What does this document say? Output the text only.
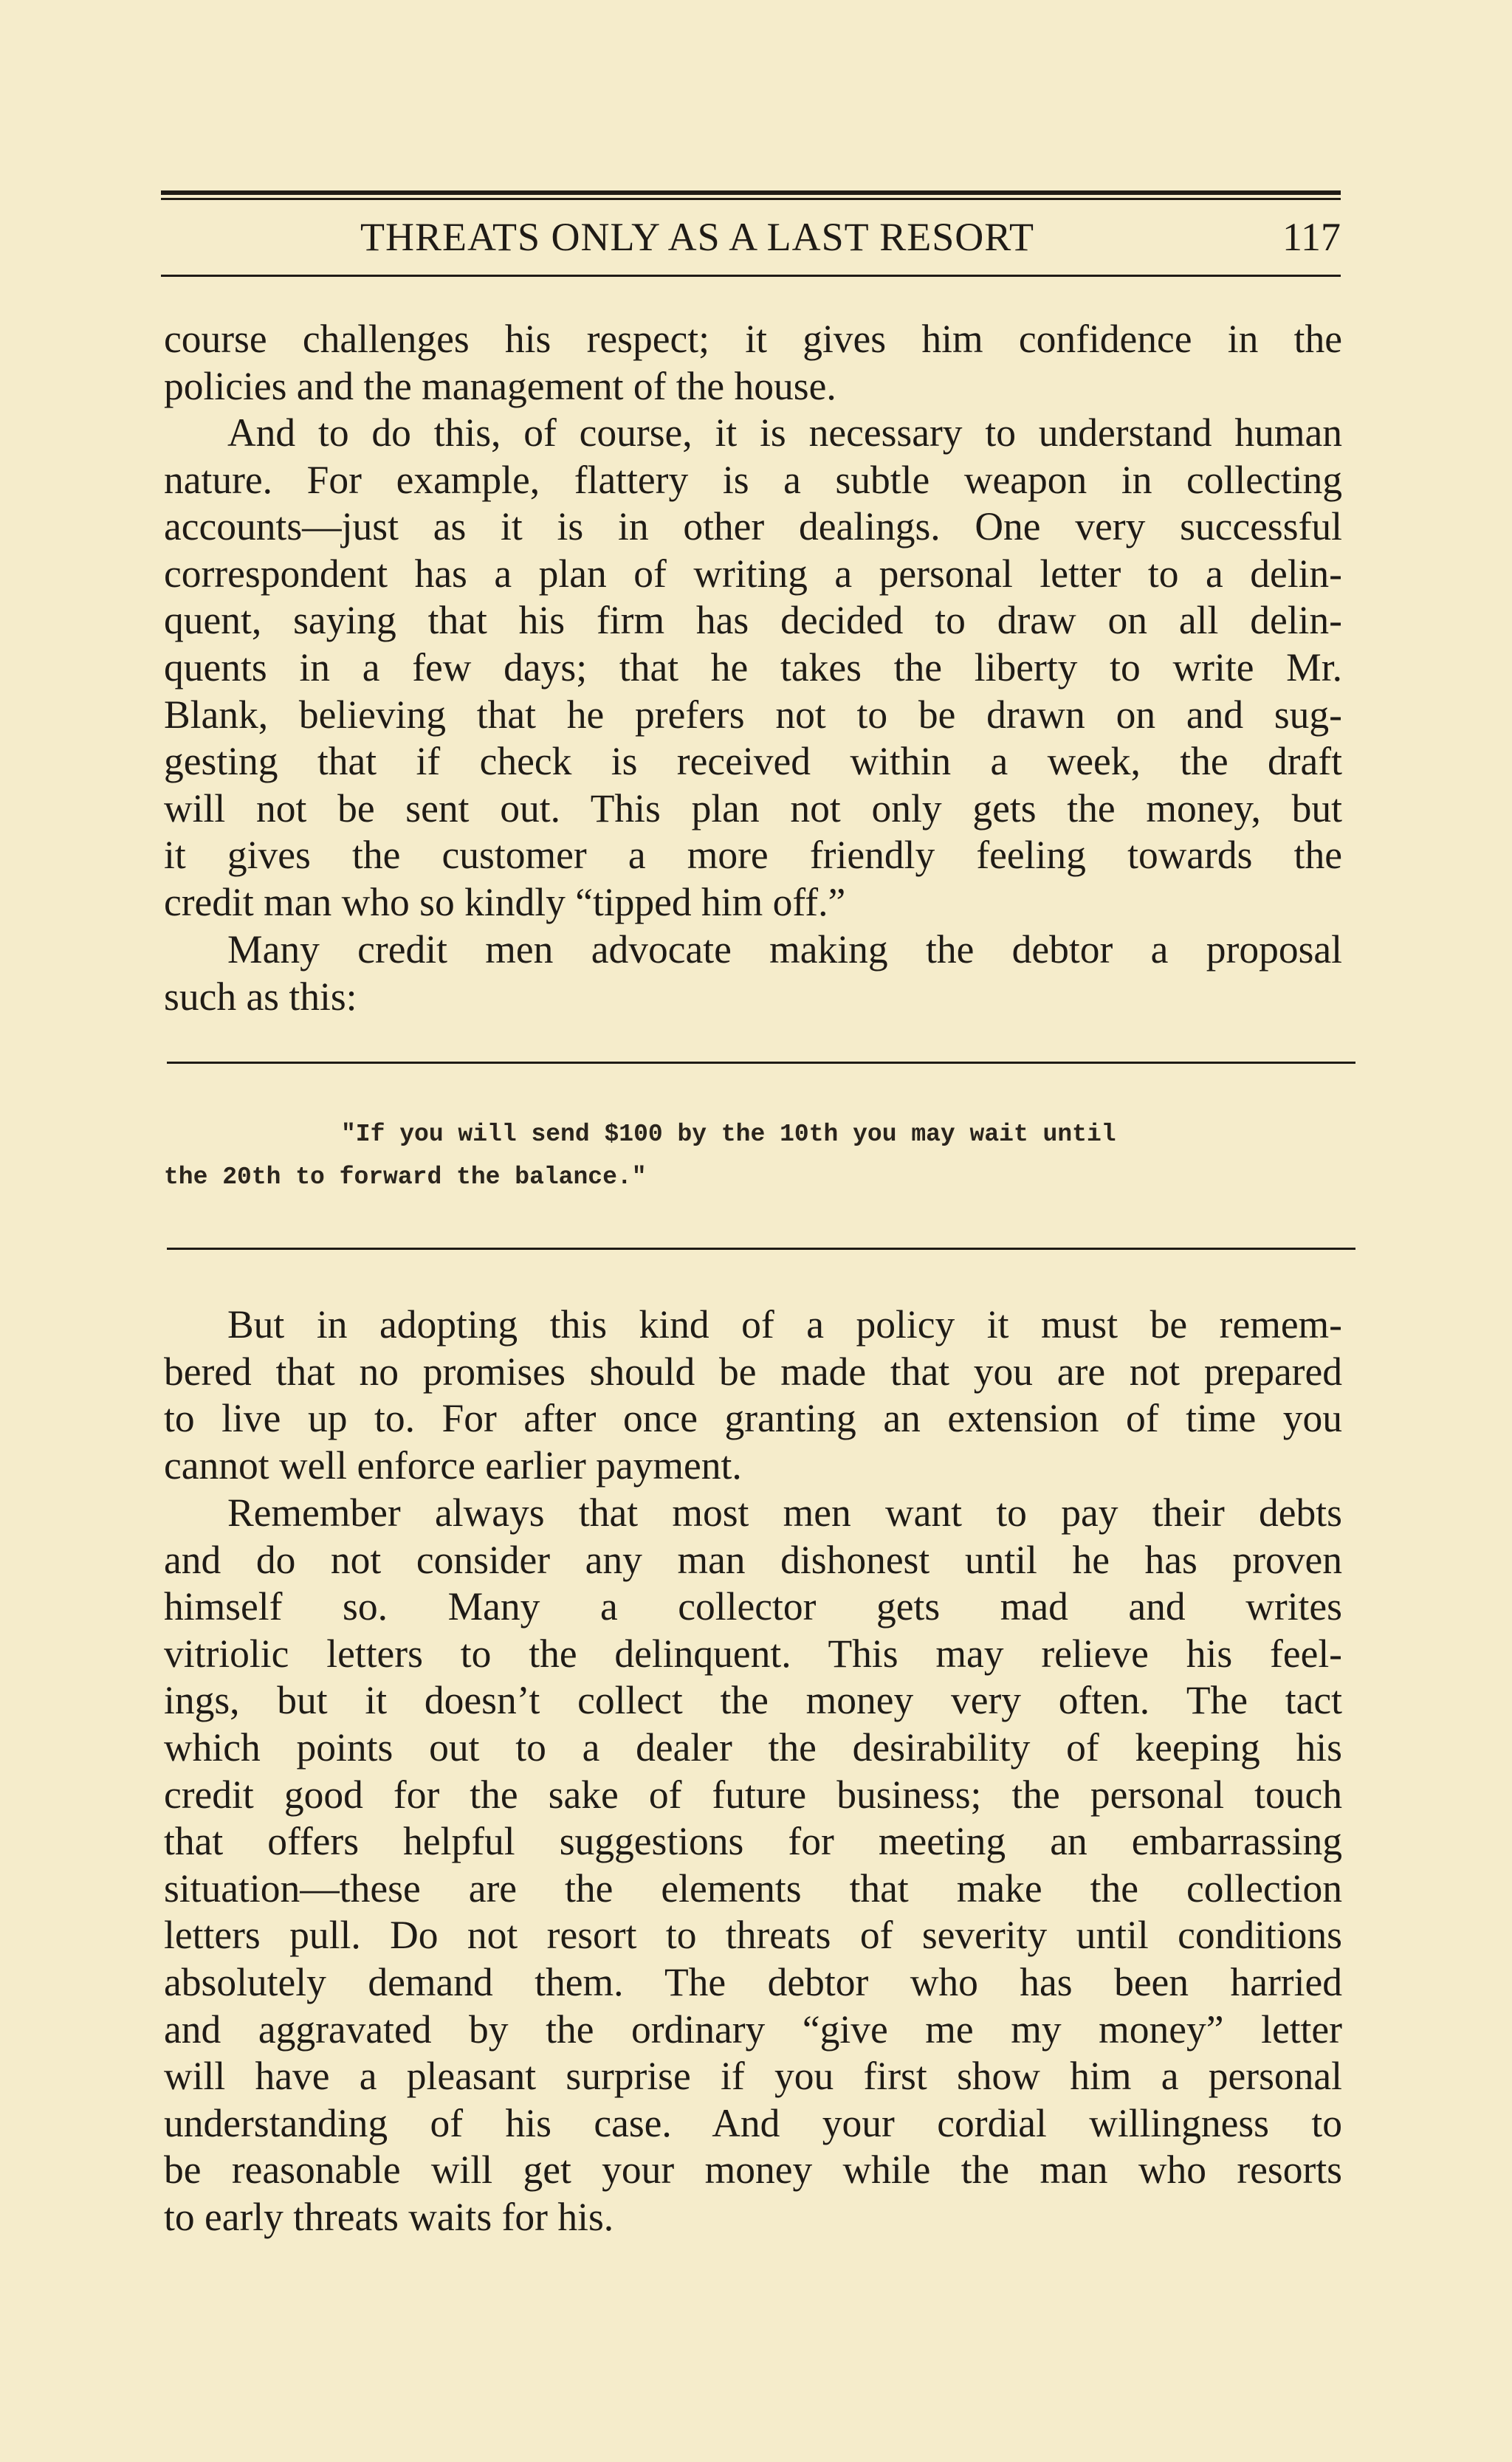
THREATS ONLY AS A LAST RESORT	117
course challenges his respect; it gives him confidence in the
policies and the management of the house.
And to do this, of course, it is necessary to understand human
nature. For example, flattery is a subtle weapon in collecting
accounts—just as it is in other dealings. One very successful
correspondent has a plan of writing a personal letter to a delin-
quent, saying that his firm has decided to draw on all delin-
quents in a few days; that he takes the liberty to write Mr.
Blank, believing that he prefers not to be drawn on and sug-
gesting that if check is received within a week, the draft
will not be sent out. This plan not only gets the money, but
it gives the customer a more friendly feeling towards the
credit man who so kindly “tipped him off.”
Many credit men advocate making the debtor a proposal
such as this:
"If you will send $100 by the 10th you may wait until
the 20th to forward the balance."
But in adopting this kind of a policy it must be remem-
bered that no promises should be made that you are not prepared
to live up to. For after once granting an extension of time you
cannot well enforce earlier payment.
Remember always that most men want to pay their debts
and do not consider any man dishonest until he has proven
himself so. Many a collector gets mad and writes
vitriolic letters to the delinquent. This may relieve his feel-
ings, but it doesn’t collect the money very often. The tact
which points out to a dealer the desirability of keeping his
credit good for the sake of future business; the personal touch
that offers helpful suggestions for meeting an embarrassing
situation—these are the elements that make the collection
letters pull. Do not resort to threats of severity until conditions
absolutely demand them. The debtor who has been harried
and aggravated by the ordinary “give me my money” letter
will have a pleasant surprise if you first show him a personal
understanding of his case. And your cordial willingness to
be reasonable will get your money while the man who resorts
to early threats waits for his.
